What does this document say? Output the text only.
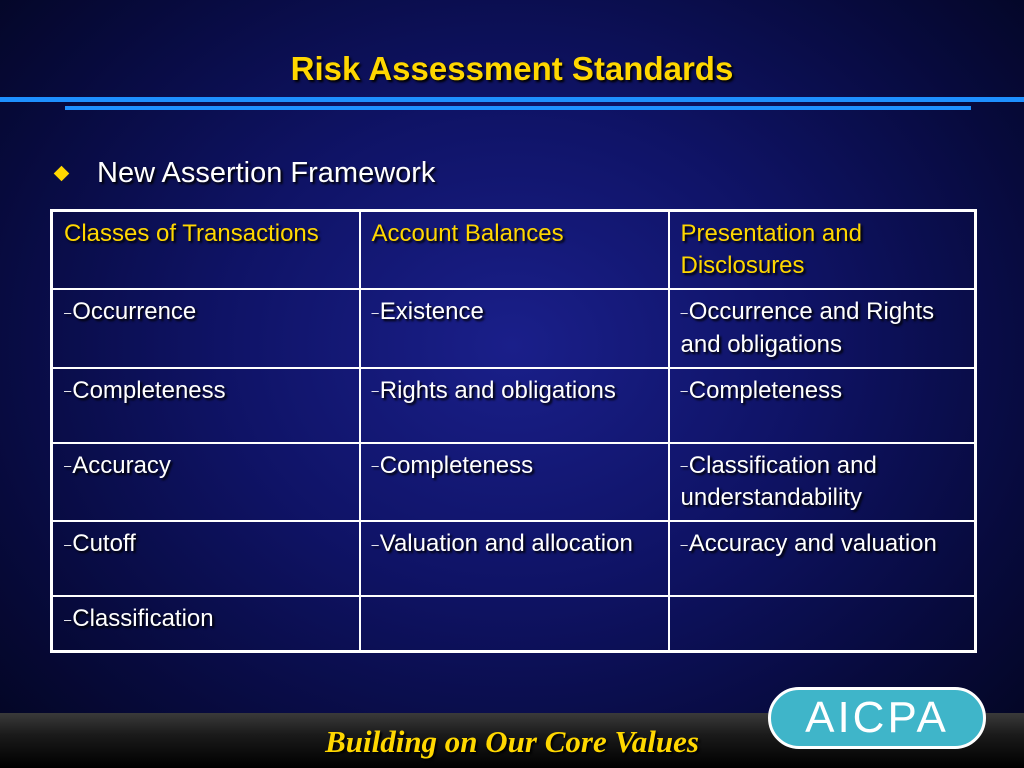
Risk Assessment Standards
New Assertion Framework
Classes of Transactions	Account Balances	Presentation and Disclosures
–Occurrence	–Existence	–Occurrence and Rights and obligations
–Completeness	–Rights and obligations	–Completeness
–Accuracy	–Completeness	–Classification and understandability
–Cutoff	–Valuation and allocation	–Accuracy and valuation
–Classification		
Building on Our Core Values	AICPA
